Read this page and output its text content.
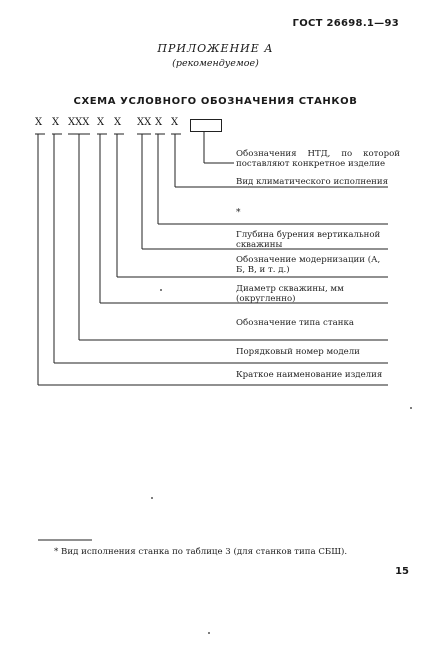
ГОСТ 26698.1—93
ПРИЛОЖЕНИЕ А
(рекомендуемое)
СХЕМА УСЛОВНОГО ОБОЗНАЧЕНИЯ СТАНКОВ
X X XXX X X XX X X
Обозначения НТД, по которой поставляют конкретное изделие
Вид климатического исполнения
*
Глубина бурения вертикальной скважины
Обозначение модернизации (А, Б, В, и т. д.)
Диаметр скважины, мм (округленно)
Обозначение типа станка
Порядковый номер модели
Краткое наименование изделия
* Вид исполнения станка по таблице 3 (для станков типа СБШ).
15
